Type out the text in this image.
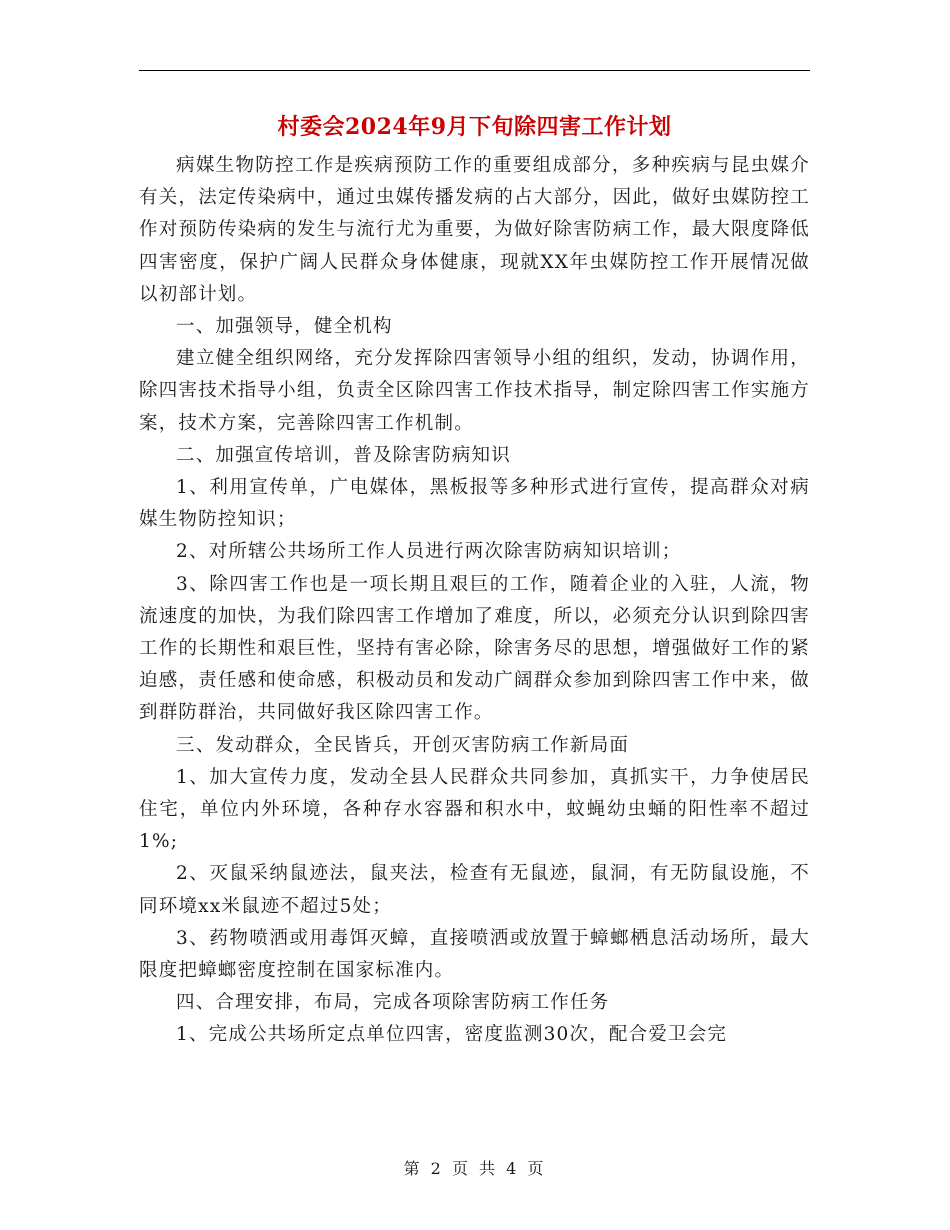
村委会2024年9月下旬除四害工作计划

病媒生物防控工作是疾病预防工作的重要组成部分，多种疾病与昆虫媒介有关，法定传染病中，通过虫媒传播发病的占大部分，因此，做好虫媒防控工作对预防传染病的发生与流行尤为重要，为做好除害防病工作，最大限度降低四害密度，保护广阔人民群众身体健康，现就XX年虫媒防控工作开展情况做以初部计划。

一、加强领导，健全机构

建立健全组织网络，充分发挥除四害领导小组的组织，发动，协调作用，除四害技术指导小组，负责全区除四害工作技术指导，制定除四害工作实施方案，技术方案，完善除四害工作机制。

二、加强宣传培训，普及除害防病知识

1、利用宣传单，广电媒体，黑板报等多种形式进行宣传，提高群众对病媒生物防控知识；

2、对所辖公共场所工作人员进行两次除害防病知识培训；

3、除四害工作也是一项长期且艰巨的工作，随着企业的入驻，人流，物流速度的加快，为我们除四害工作增加了难度，所以，必须充分认识到除四害工作的长期性和艰巨性，坚持有害必除，除害务尽的思想，增强做好工作的紧迫感，责任感和使命感，积极动员和发动广阔群众参加到除四害工作中来，做到群防群治，共同做好我区除四害工作。

三、发动群众，全民皆兵，开创灭害防病工作新局面

1、加大宣传力度，发动全县人民群众共同参加，真抓实干，力争使居民住宅，单位内外环境，各种存水容器和积水中，蚊蝇幼虫蛹的阳性率不超过1%;

2、灭鼠采纳鼠迹法，鼠夹法，检查有无鼠迹，鼠洞，有无防鼠设施，不同环境xx米鼠迹不超过5处；

3、药物喷洒或用毒饵灭蟑，直接喷洒或放置于蟑螂栖息活动场所，最大限度把蟑螂密度控制在国家标准内。

四、合理安排，布局，完成各项除害防病工作任务

1、完成公共场所定点单位四害，密度监测30次，配合爱卫会完

第 2 页 共 4 页
